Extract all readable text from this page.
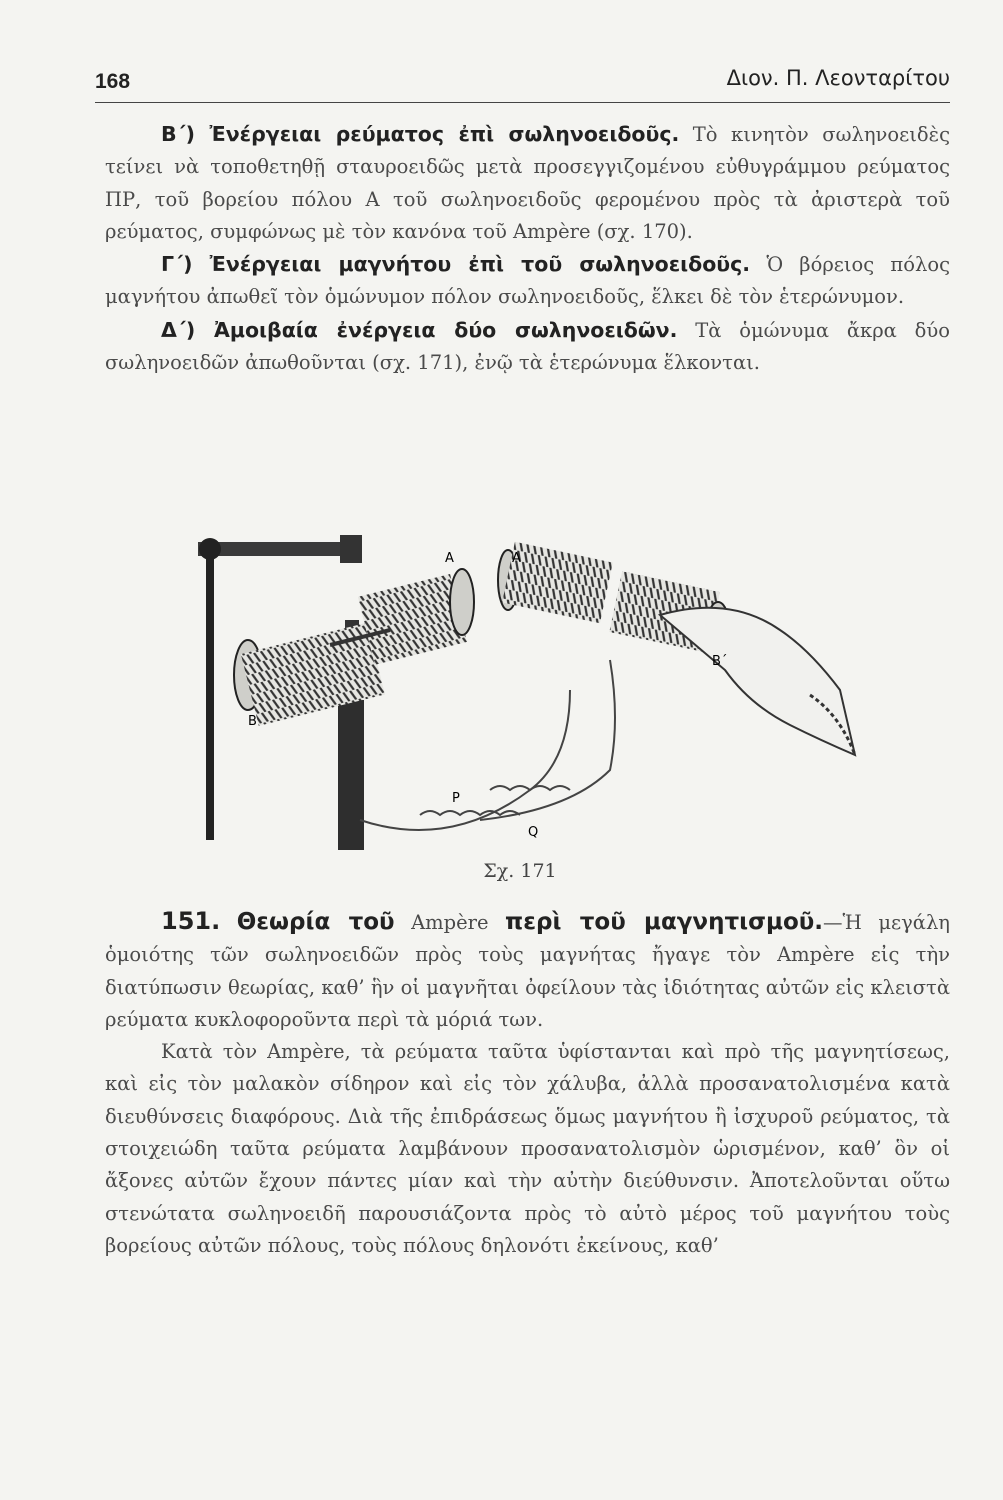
168	Διον. Π. Λεονταρίτου

Β΄) Ἐνέργειαι ρεύματος ἐπὶ σωληνοειδοῦς. Τὸ κινητὸν σωληνοειδὲς τείνει νὰ τοποθετηθῇ σταυροειδῶς μετὰ προσεγγιζομένου εὐθυγράμμου ρεύματος ΠΡ, τοῦ βορείου πόλου Α τοῦ σωληνοειδοῦς φερομένου πρὸς τὰ ἀριστερὰ τοῦ ρεύματος, συμφώνως μὲ τὸν κανόνα τοῦ Ampère (σχ. 170).

Γ΄) Ἐνέργειαι μαγνήτου ἐπὶ τοῦ σωληνοειδοῦς. Ὁ βόρειος πόλος μαγνήτου ἀπωθεῖ τὸν ὁμώνυμον πόλον σωληνοειδοῦς, ἕλκει δὲ τὸν ἑτερώνυμον.

Δ΄) Ἀμοιβαία ἐνέργεια δύο σωληνοειδῶν. Τὰ ὁμώνυμα ἄκρα δύο σωληνοειδῶν ἀπωθοῦνται (σχ. 171), ἐνῷ τὰ ἑτερώνυμα ἕλκονται.

Α	Α
Β
Β΄
Ρ
Q
Σχ. 171

151. Θεωρία τοῦ Ampère περὶ τοῦ μαγνητισμοῦ.—Ἡ μεγάλη ὁμοιότης τῶν σωληνοειδῶν πρὸς τοὺς μαγνήτας ἤγαγε τὸν Ampère εἰς τὴν διατύπωσιν θεωρίας, καθ’ ἣν οἱ μαγνῆται ὀφείλουν τὰς ἰδιότητας αὐτῶν εἰς κλειστὰ ρεύματα κυκλοφοροῦντα περὶ τὰ μόριά των.

Κατὰ τὸν Ampère, τὰ ρεύματα ταῦτα ὑφίστανται καὶ πρὸ τῆς μαγνητίσεως, καὶ εἰς τὸν μαλακὸν σίδηρον καὶ εἰς τὸν χάλυβα, ἀλλὰ προσανατολισμένα κατὰ διευθύνσεις διαφόρους. Διὰ τῆς ἐπιδράσεως ὅμως μαγνήτου ἢ ἰσχυροῦ ρεύματος, τὰ στοιχειώδη ταῦτα ρεύματα λαμβάνουν προσανατολισμὸν ὡρισμένον, καθ’ ὃν οἱ ἄξονες αὐτῶν ἔχουν πάντες μίαν καὶ τὴν αὐτὴν διεύθυνσιν. Ἀποτελοῦνται οὕτω στενώτατα σωληνοειδῆ παρουσιάζοντα πρὸς τὸ αὐτὸ μέρος τοῦ μαγνήτου τοὺς βορείους αὐτῶν πόλους, τοὺς πόλους δηλονότι ἐκείνους, καθ’
